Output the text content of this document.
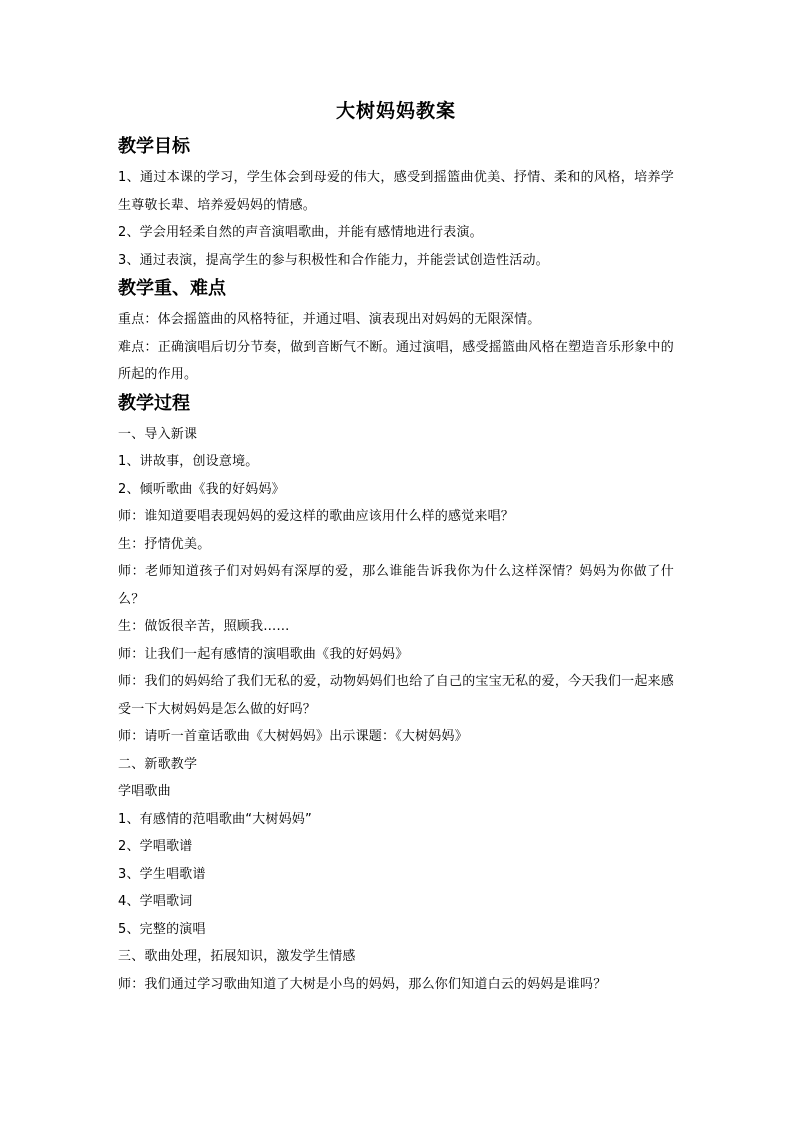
大树妈妈教案
教学目标

1、通过本课的学习，学生体会到母爱的伟大，感受到摇篮曲优美、抒情、柔和的风格，培养学生尊敬长辈、培养爱妈妈的情感。

2、学会用轻柔自然的声音演唱歌曲，并能有感情地进行表演。

3、通过表演，提高学生的参与积极性和合作能力，并能尝试创造性活动。

教学重、难点

重点：体会摇篮曲的风格特征，并通过唱、演表现出对妈妈的无限深情。

难点：正确演唱后切分节奏，做到音断气不断。通过演唱，感受摇篮曲风格在塑造音乐形象中的所起的作用。

教学过程

一、导入新课

1、讲故事，创设意境。

2、倾听歌曲《我的好妈妈》

师：谁知道要唱表现妈妈的爱这样的歌曲应该用什么样的感觉来唱？

生：抒情优美。

师：老师知道孩子们对妈妈有深厚的爱，那么谁能告诉我你为什么这样深情？妈妈为你做了什么？

生：做饭很辛苦，照顾我……

师：让我们一起有感情的演唱歌曲《我的好妈妈》

师：我们的妈妈给了我们无私的爱，动物妈妈们也给了自己的宝宝无私的爱，今天我们一起来感受一下大树妈妈是怎么做的好吗？

师：请听一首童话歌曲《大树妈妈》出示课题：《大树妈妈》

二、新歌教学

学唱歌曲

1、有感情的范唱歌曲“大树妈妈”

2、学唱歌谱

3、学生唱歌谱

4、学唱歌词

5、完整的演唱

三、歌曲处理，拓展知识，激发学生情感

师：我们通过学习歌曲知道了大树是小鸟的妈妈，那么你们知道白云的妈妈是谁吗？
